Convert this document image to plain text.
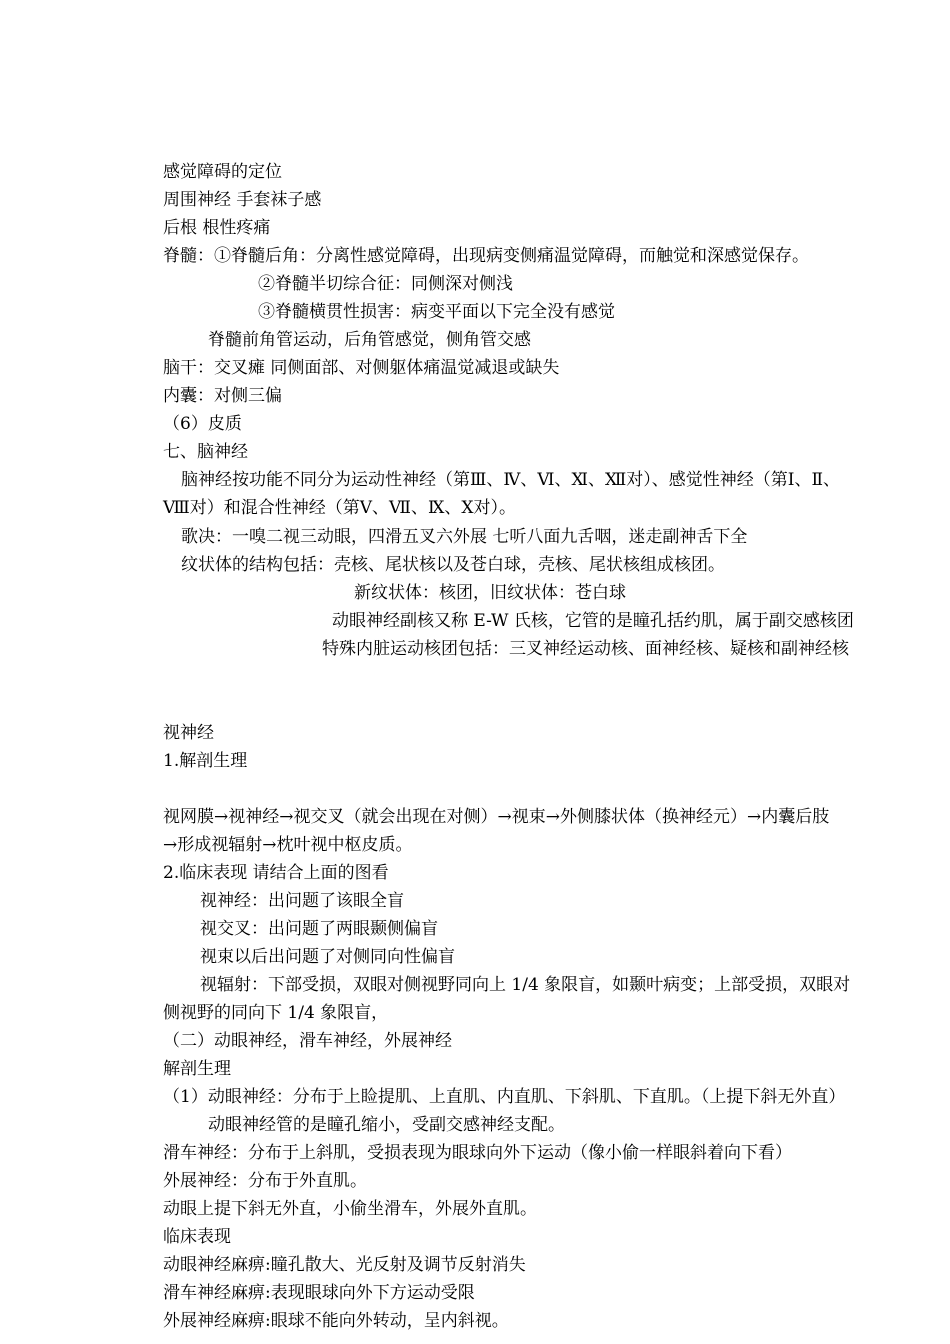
感觉障碍的定位
周围神经 手套袜子感
后根 根性疼痛
脊髓：①脊髓后角：分离性感觉障碍，出现病变侧痛温觉障碍，而触觉和深感觉保存。
②脊髓半切综合征：同侧深对侧浅
③脊髓横贯性损害：病变平面以下完全没有感觉
脊髓前角管运动，后角管感觉，侧角管交感
脑干：交叉瘫 同侧面部、对侧躯体痛温觉减退或缺失
内囊：对侧三偏
（6）皮质
七、脑神经
脑神经按功能不同分为运动性神经（第Ⅲ、Ⅳ、Ⅵ、Ⅺ、Ⅻ对）、感觉性神经（第Ⅰ、Ⅱ、
Ⅷ对）和混合性神经（第Ⅴ、Ⅶ、Ⅸ、Ⅹ对）。
歌决：一嗅二视三动眼，四滑五叉六外展 七听八面九舌咽，迷走副神舌下全
纹状体的结构包括：壳核、尾状核以及苍白球，壳核、尾状核组成核团。
新纹状体：核团，旧纹状体：苍白球
动眼神经副核又称 E-W 氏核，它管的是瞳孔括约肌，属于副交感核团
特殊内脏运动核团包括：三叉神经运动核、面神经核、疑核和副神经核
视神经
1.解剖生理
视网膜→视神经→视交叉（就会出现在对侧）→视束→外侧膝状体（换神经元）→内囊后肢
→形成视辐射→枕叶视中枢皮质。
2.临床表现 请结合上面的图看
视神经：出问题了该眼全盲
视交叉：出问题了两眼颞侧偏盲
视束以后出问题了对侧同向性偏盲
视辐射：下部受损，双眼对侧视野同向上 1/4 象限盲，如颞叶病变；上部受损，双眼对
侧视野的同向下 1/4 象限盲，
（二）动眼神经，滑车神经，外展神经
解剖生理
（1）动眼神经：分布于上睑提肌、上直肌、内直肌、下斜肌、下直肌。（上提下斜无外直）
动眼神经管的是瞳孔缩小，受副交感神经支配。
滑车神经：分布于上斜肌，受损表现为眼球向外下运动（像小偷一样眼斜着向下看）
外展神经：分布于外直肌。
动眼上提下斜无外直，小偷坐滑车，外展外直肌。
临床表现
动眼神经麻痹:瞳孔散大、光反射及调节反射消失
滑车神经麻痹:表现眼球向外下方运动受限
外展神经麻痹:眼球不能向外转动，呈内斜视。
